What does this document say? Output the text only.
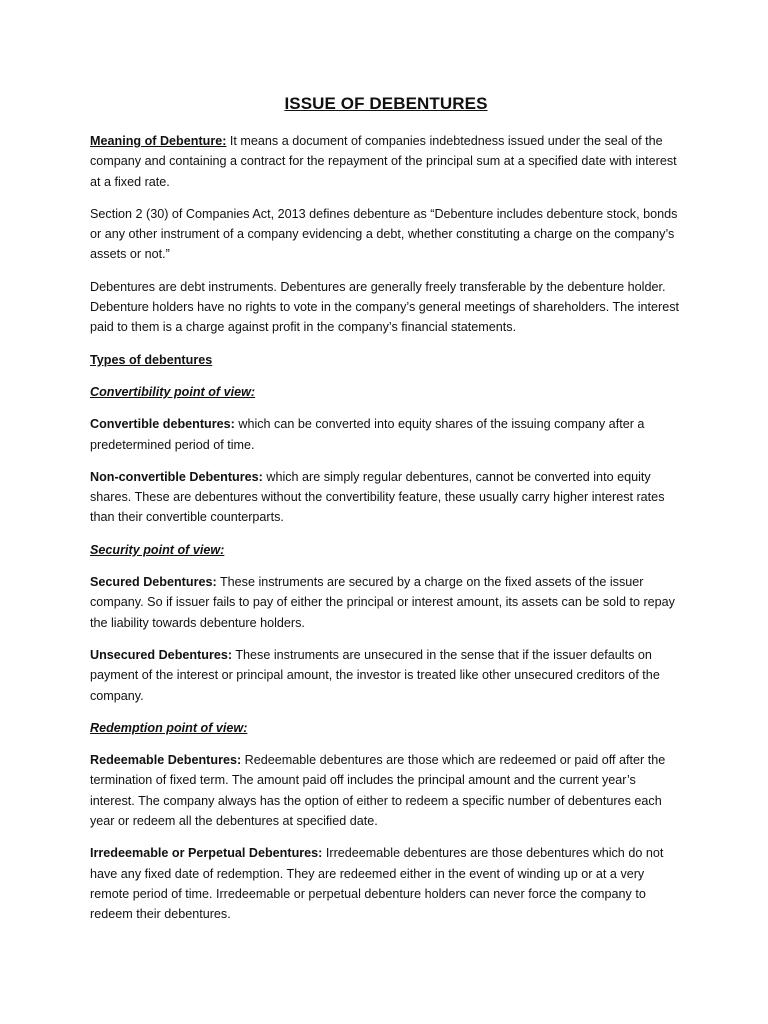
ISSUE OF DEBENTURES

Meaning of Debenture: It means a document of companies indebtedness issued under the seal of the company and containing a contract for the repayment of the principal sum at a specified date with interest at a fixed rate.

Section 2 (30) of Companies Act, 2013 defines debenture as “Debenture includes debenture stock, bonds or any other instrument of a company evidencing a debt, whether constituting a charge on the company’s assets or not.”

Debentures are debt instruments. Debentures are generally freely transferable by the debenture holder. Debenture holders have no rights to vote in the company’s general meetings of shareholders. The interest paid to them is a charge against profit in the company’s financial statements.

Types of debentures

Convertibility point of view:

Convertible debentures: which can be converted into equity shares of the issuing company after a predetermined period of time.

Non-convertible Debentures: which are simply regular debentures, cannot be converted into equity shares. These are debentures without the convertibility feature, these usually carry higher interest rates than their convertible counterparts.

Security point of view:

Secured Debentures: These instruments are secured by a charge on the fixed assets of the issuer company. So if issuer fails to pay of either the principal or interest amount, its assets can be sold to repay the liability towards debenture holders.

Unsecured Debentures: These instruments are unsecured in the sense that if the issuer defaults on payment of the interest or principal amount, the investor is treated like other unsecured creditors of the company.

Redemption point of view:

Redeemable Debentures: Redeemable debentures are those which are redeemed or paid off after the termination of fixed term. The amount paid off includes the principal amount and the current year’s interest. The company always has the option of either to redeem a specific number of debentures each year or redeem all the debentures at specified date.

Irredeemable or Perpetual Debentures: Irredeemable debentures are those debentures which do not have any fixed date of redemption. They are redeemed either in the event of winding up or at a very remote period of time. Irredeemable or perpetual debenture holders can never force the company to redeem their debentures.
